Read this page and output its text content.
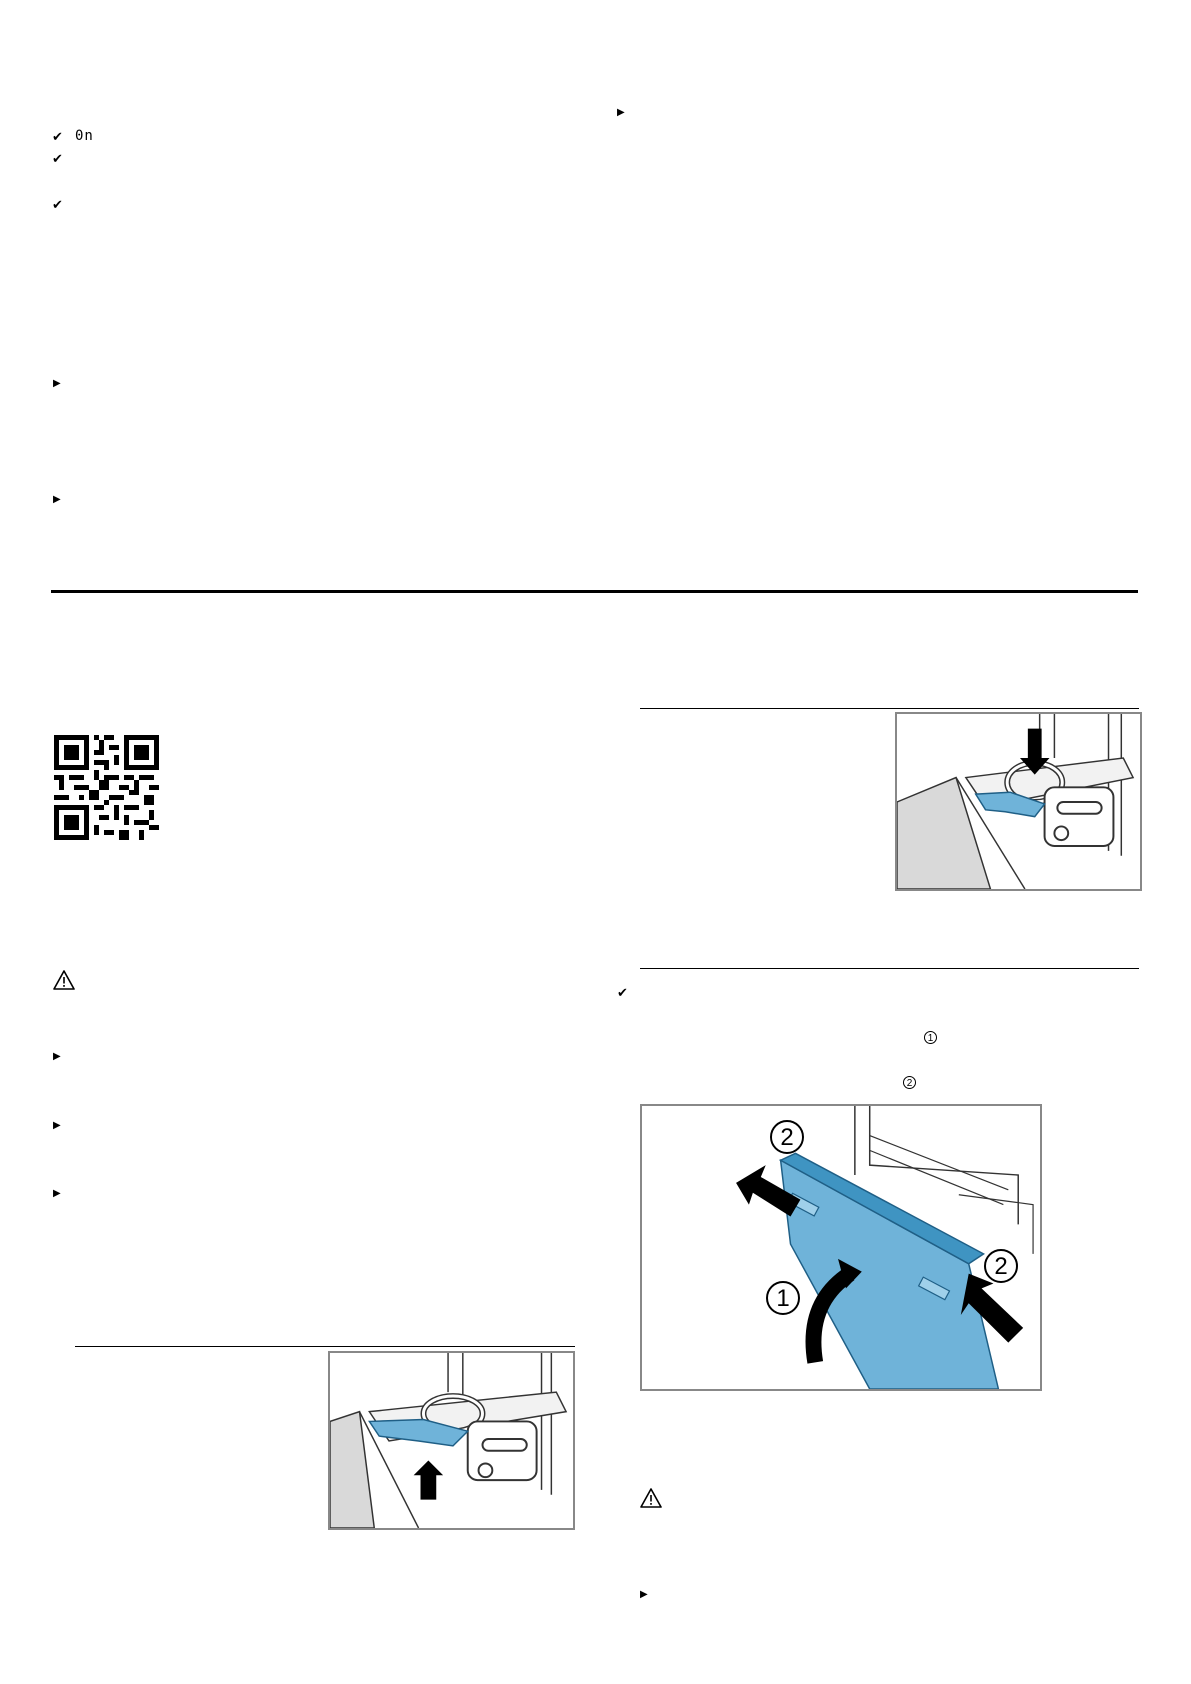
✔ 0n
✔
✔
▶
▶
▶
▶
▶
▶
✔
1
2
2
1
2
▶
